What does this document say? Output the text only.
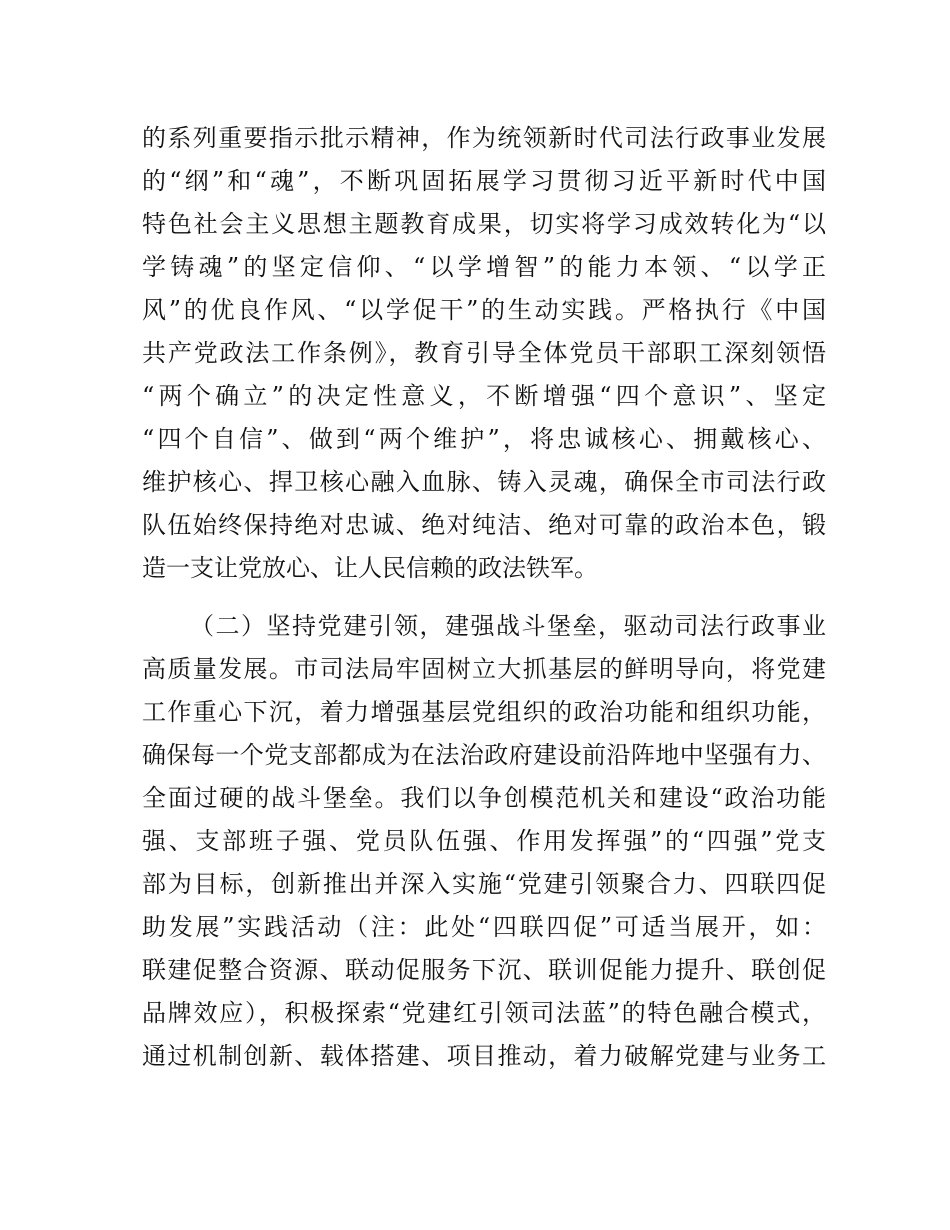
的系列重要指示批示精神，作为统领新时代司法行政事业发展
的“纲”和“魂”，不断巩固拓展学习贯彻习近平新时代中国
特色社会主义思想主题教育成果，切实将学习成效转化为“以
学铸魂”的坚定信仰、“以学增智”的能力本领、“以学正
风”的优良作风、“以学促干”的生动实践。严格执行《中国
共产党政法工作条例》，教育引导全体党员干部职工深刻领悟
“两个确立”的决定性意义，不断增强“四个意识”、坚定
“四个自信”、做到“两个维护”，将忠诚核心、拥戴核心、
维护核心、捍卫核心融入血脉、铸入灵魂，确保全市司法行政
队伍始终保持绝对忠诚、绝对纯洁、绝对可靠的政治本色，锻
造一支让党放心、让人民信赖的政法铁军。
（二）坚持党建引领，建强战斗堡垒，驱动司法行政事业
高质量发展。市司法局牢固树立大抓基层的鲜明导向，将党建
工作重心下沉，着力增强基层党组织的政治功能和组织功能，
确保每一个党支部都成为在法治政府建设前沿阵地中坚强有力、
全面过硬的战斗堡垒。我们以争创模范机关和建设“政治功能
强、支部班子强、党员队伍强、作用发挥强”的“四强”党支
部为目标，创新推出并深入实施“党建引领聚合力、四联四促
助发展”实践活动（注：此处“四联四促”可适当展开，如：
联建促整合资源、联动促服务下沉、联训促能力提升、联创促
品牌效应），积极探索“党建红引领司法蓝”的特色融合模式，
通过机制创新、载体搭建、项目推动，着力破解党建与业务工
